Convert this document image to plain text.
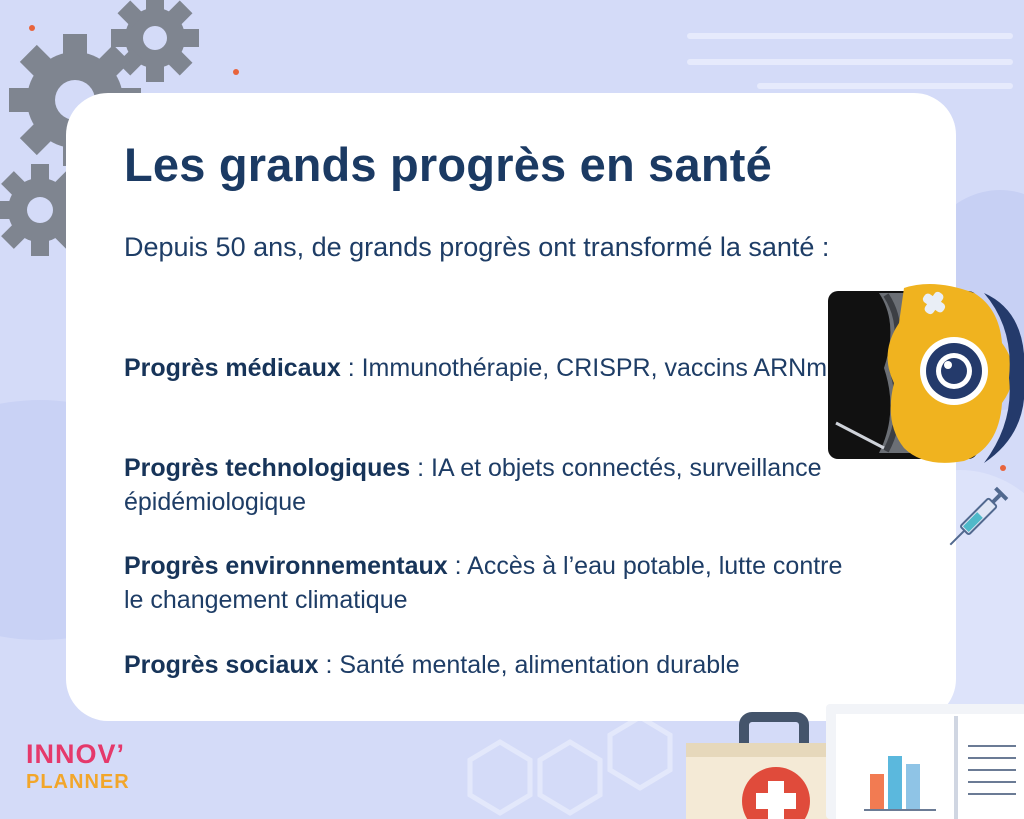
Les grands progrès en santé

Depuis 50 ans, de grands progrès ont transformé la santé :

Progrès médicaux : Immunothérapie, CRISPR, vaccins ARNm

Progrès technologiques : IA et objets connectés, surveillance épidémiologique

Progrès environnementaux : Accès à l’eau potable, lutte contre le changement climatique

Progrès sociaux : Santé mentale, alimentation durable

INNOV’
PLANNER
